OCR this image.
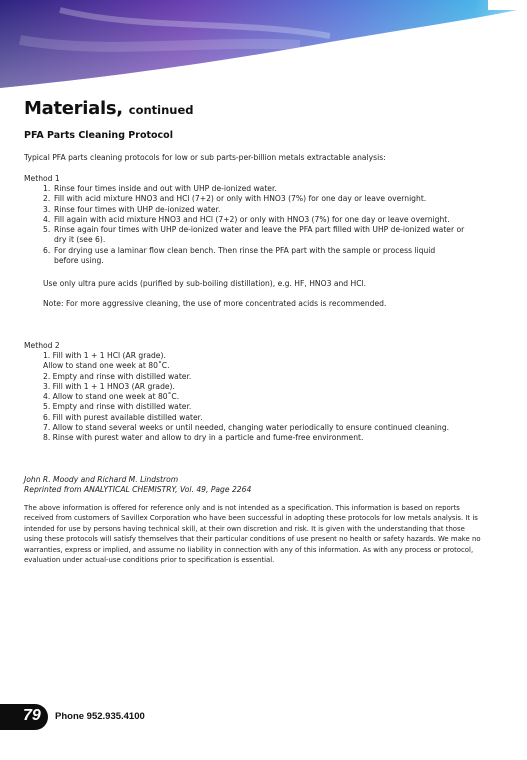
Materials, continued
PFA Parts Cleaning Protocol
Typical PFA parts cleaning protocols for low or sub parts-per-billion metals extractable analysis:
Method 1
1. Rinse four times inside and out with UHP de-ionized water.
2. Fill with acid mixture HNO3 and HCl (7+2) or only with HNO3 (7%) for one day or leave overnight.
3. Rinse four times with UHP de-ionized water.
4. Fill again with acid mixture HNO3 and HCl (7+2) or only with HNO3 (7%) for one day or leave overnight.
5. Rinse again four times with UHP de-ionized water and leave the PFA part filled with UHP de-ionized water or
dry it (see 6).
6. For drying use a laminar flow clean bench. Then rinse the PFA part with the sample or process liquid
before using.
Use only ultra pure acids (purified by sub-boiling distillation), e.g. HF, HNO3 and HCl.
Note: For more aggressive cleaning, the use of more concentrated acids is recommended.
Method 2
1. Fill with 1 + 1 HCl (AR grade).
Allow to stand one week at 80˚C.
2. Empty and rinse with distilled water.
3. Fill with 1 + 1 HNO3 (AR grade).
4. Allow to stand one week at 80˚C.
5. Empty and rinse with distilled water.
6. Fill with purest available distilled water.
7. Allow to stand several weeks or until needed, changing water periodically to ensure continued cleaning.
8. Rinse with purest water and allow to dry in a particle and fume-free environment.
John R. Moody and Richard M. Lindstrom
Reprinted from ANALYTICAL CHEMISTRY, Vol. 49, Page 2264
The above information is offered for reference only and is not intended as a specification. This information is based on reports
received from customers of Savillex Corporation who have been successful in adopting these protocols for low metals analysis. It is
intended for use by persons having technical skill, at their own discretion and risk. It is given with the understanding that those
using these protocols will satisfy themselves that their particular conditions of use present no health or safety hazards. We make no
warranties, express or implied, and assume no liability in connection with any of this information. As with any process or protocol,
evaluation under actual-use conditions prior to specification is essential.
79 Phone 952.935.4100
